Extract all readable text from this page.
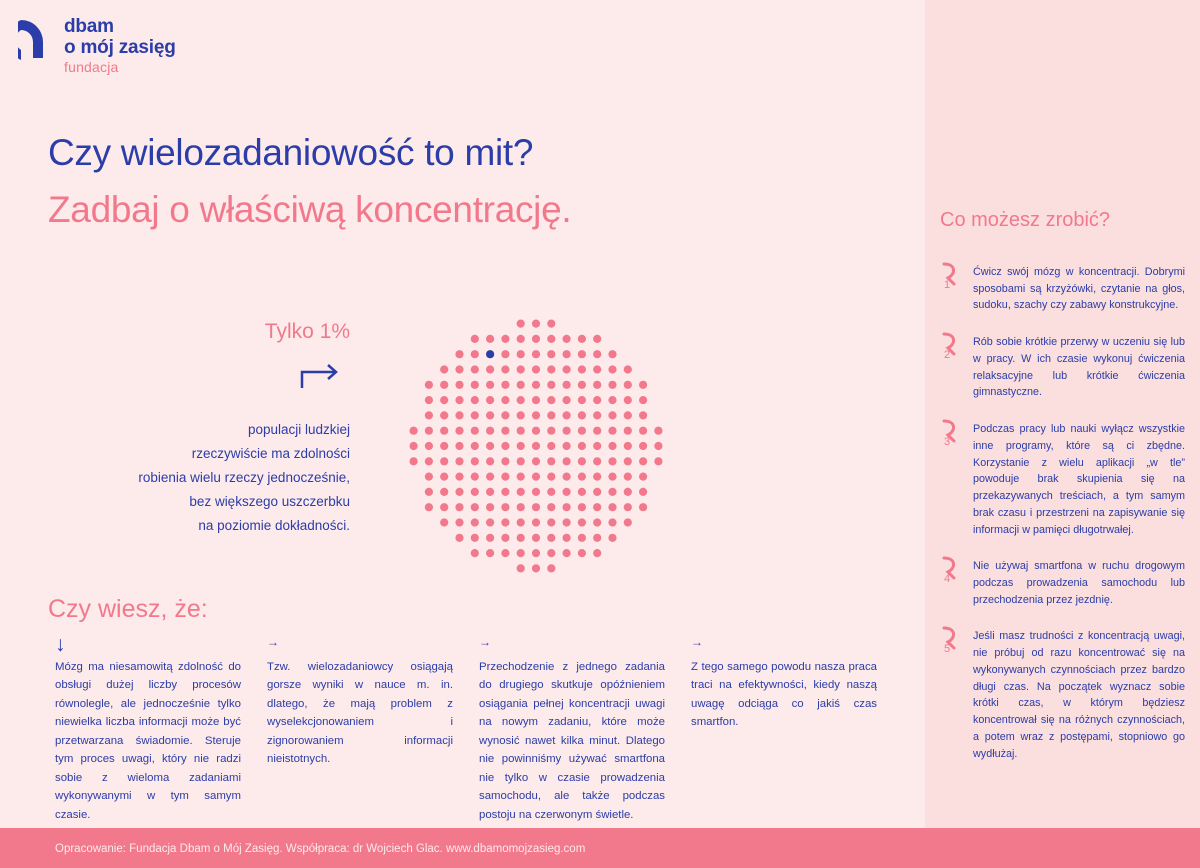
dbam
o mój zasięg
fundacja
Czy wielozadaniowość to mit?
Zadbaj o właściwą koncentrację.
Tylko 1%
populacji ludzkiej
rzeczywiście ma zdolności
robienia wielu rzeczy jednocześnie,
bez większego uszczerbku
na poziomie dokładności.
Czy wiesz, że:
↓

Mózg ma niesamowitą zdolność do obsługi dużej liczby procesów równolegle, ale jednocześnie tylko niewielka liczba informacji może być przetwarzana świadomie. Steruje tym proces uwagi, który nie radzi sobie z wieloma zadaniami wykonywanymi w tym samym czasie.

→

Tzw. wielozadaniowcy osiągają gorsze wyniki w nauce m. in. dlatego, że mają problem z wyselekcjonowaniem i zignorowaniem informacji nieistotnych.

→

Przechodzenie z jednego zadania do drugiego skutkuje opóźnieniem osiągania pełnej koncentracji uwagi na nowym zadaniu, które może wynosić nawet kilka minut. Dlatego nie powinniśmy używać smartfona nie tylko w czasie prowadzenia samochodu, ale także podczas postoju na czerwonym świetle.

→

Z tego samego powodu nasza praca traci na efektywności, kiedy naszą uwagę odciąga co jakiś czas smartfon.

Co możesz zrobić?
1
Ćwicz swój mózg w koncentracji. Dobrymi sposobami są krzyżówki, czytanie na głos, sudoku, szachy czy zabawy konstrukcyjne.
2
Rób sobie krótkie przerwy w uczeniu się lub w pracy. W ich czasie wykonuj ćwiczenia relaksacyjne lub krótkie ćwiczenia gimnastyczne.
3
Podczas pracy lub nauki wyłącz wszystkie inne programy, które są ci zbędne. Korzystanie z wielu aplikacji „w tle” powoduje brak skupienia się na przekazywanych treściach, a tym samym brak czasu i przestrzeni na zapisywanie się informacji w pamięci długotrwałej.
4
Nie używaj smartfona w ruchu drogowym podczas prowadzenia samochodu lub przechodzenia przez jezdnię.
5
Jeśli masz trudności z koncentracją uwagi, nie próbuj od razu koncentrować się na wykonywanych czynnościach przez bardzo długi czas. Na początek wyznacz sobie krótki czas, w którym będziesz koncentrował się na różnych czynnościach, a potem wraz z postępami, stopniowo go wydłużaj.
Opracowanie: Fundacja Dbam o Mój Zasięg. Współpraca: dr Wojciech Glac. www.dbamomojzasieg.com
